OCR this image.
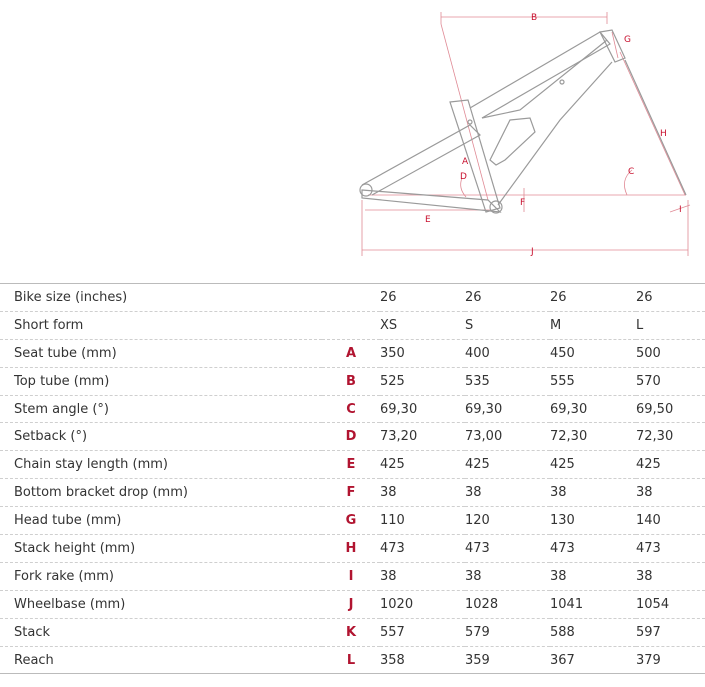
B
G
H
C
A
D
F
E
I
J
Bike size (inches)		26	26	26	26
Short form		XS	S	M	L
Seat tube (mm)	A	350	400	450	500
Top tube (mm)	B	525	535	555	570
Stem angle (°)	C	69,30	69,30	69,30	69,50
Setback (°)	D	73,20	73,00	72,30	72,30
Chain stay length (mm)	E	425	425	425	425
Bottom bracket drop (mm)	F	38	38	38	38
Head tube (mm)	G	110	120	130	140
Stack height (mm)	H	473	473	473	473
Fork rake (mm)	I	38	38	38	38
Wheelbase (mm)	J	1020	1028	1041	1054
Stack	K	557	579	588	597
Reach	L	358	359	367	379
